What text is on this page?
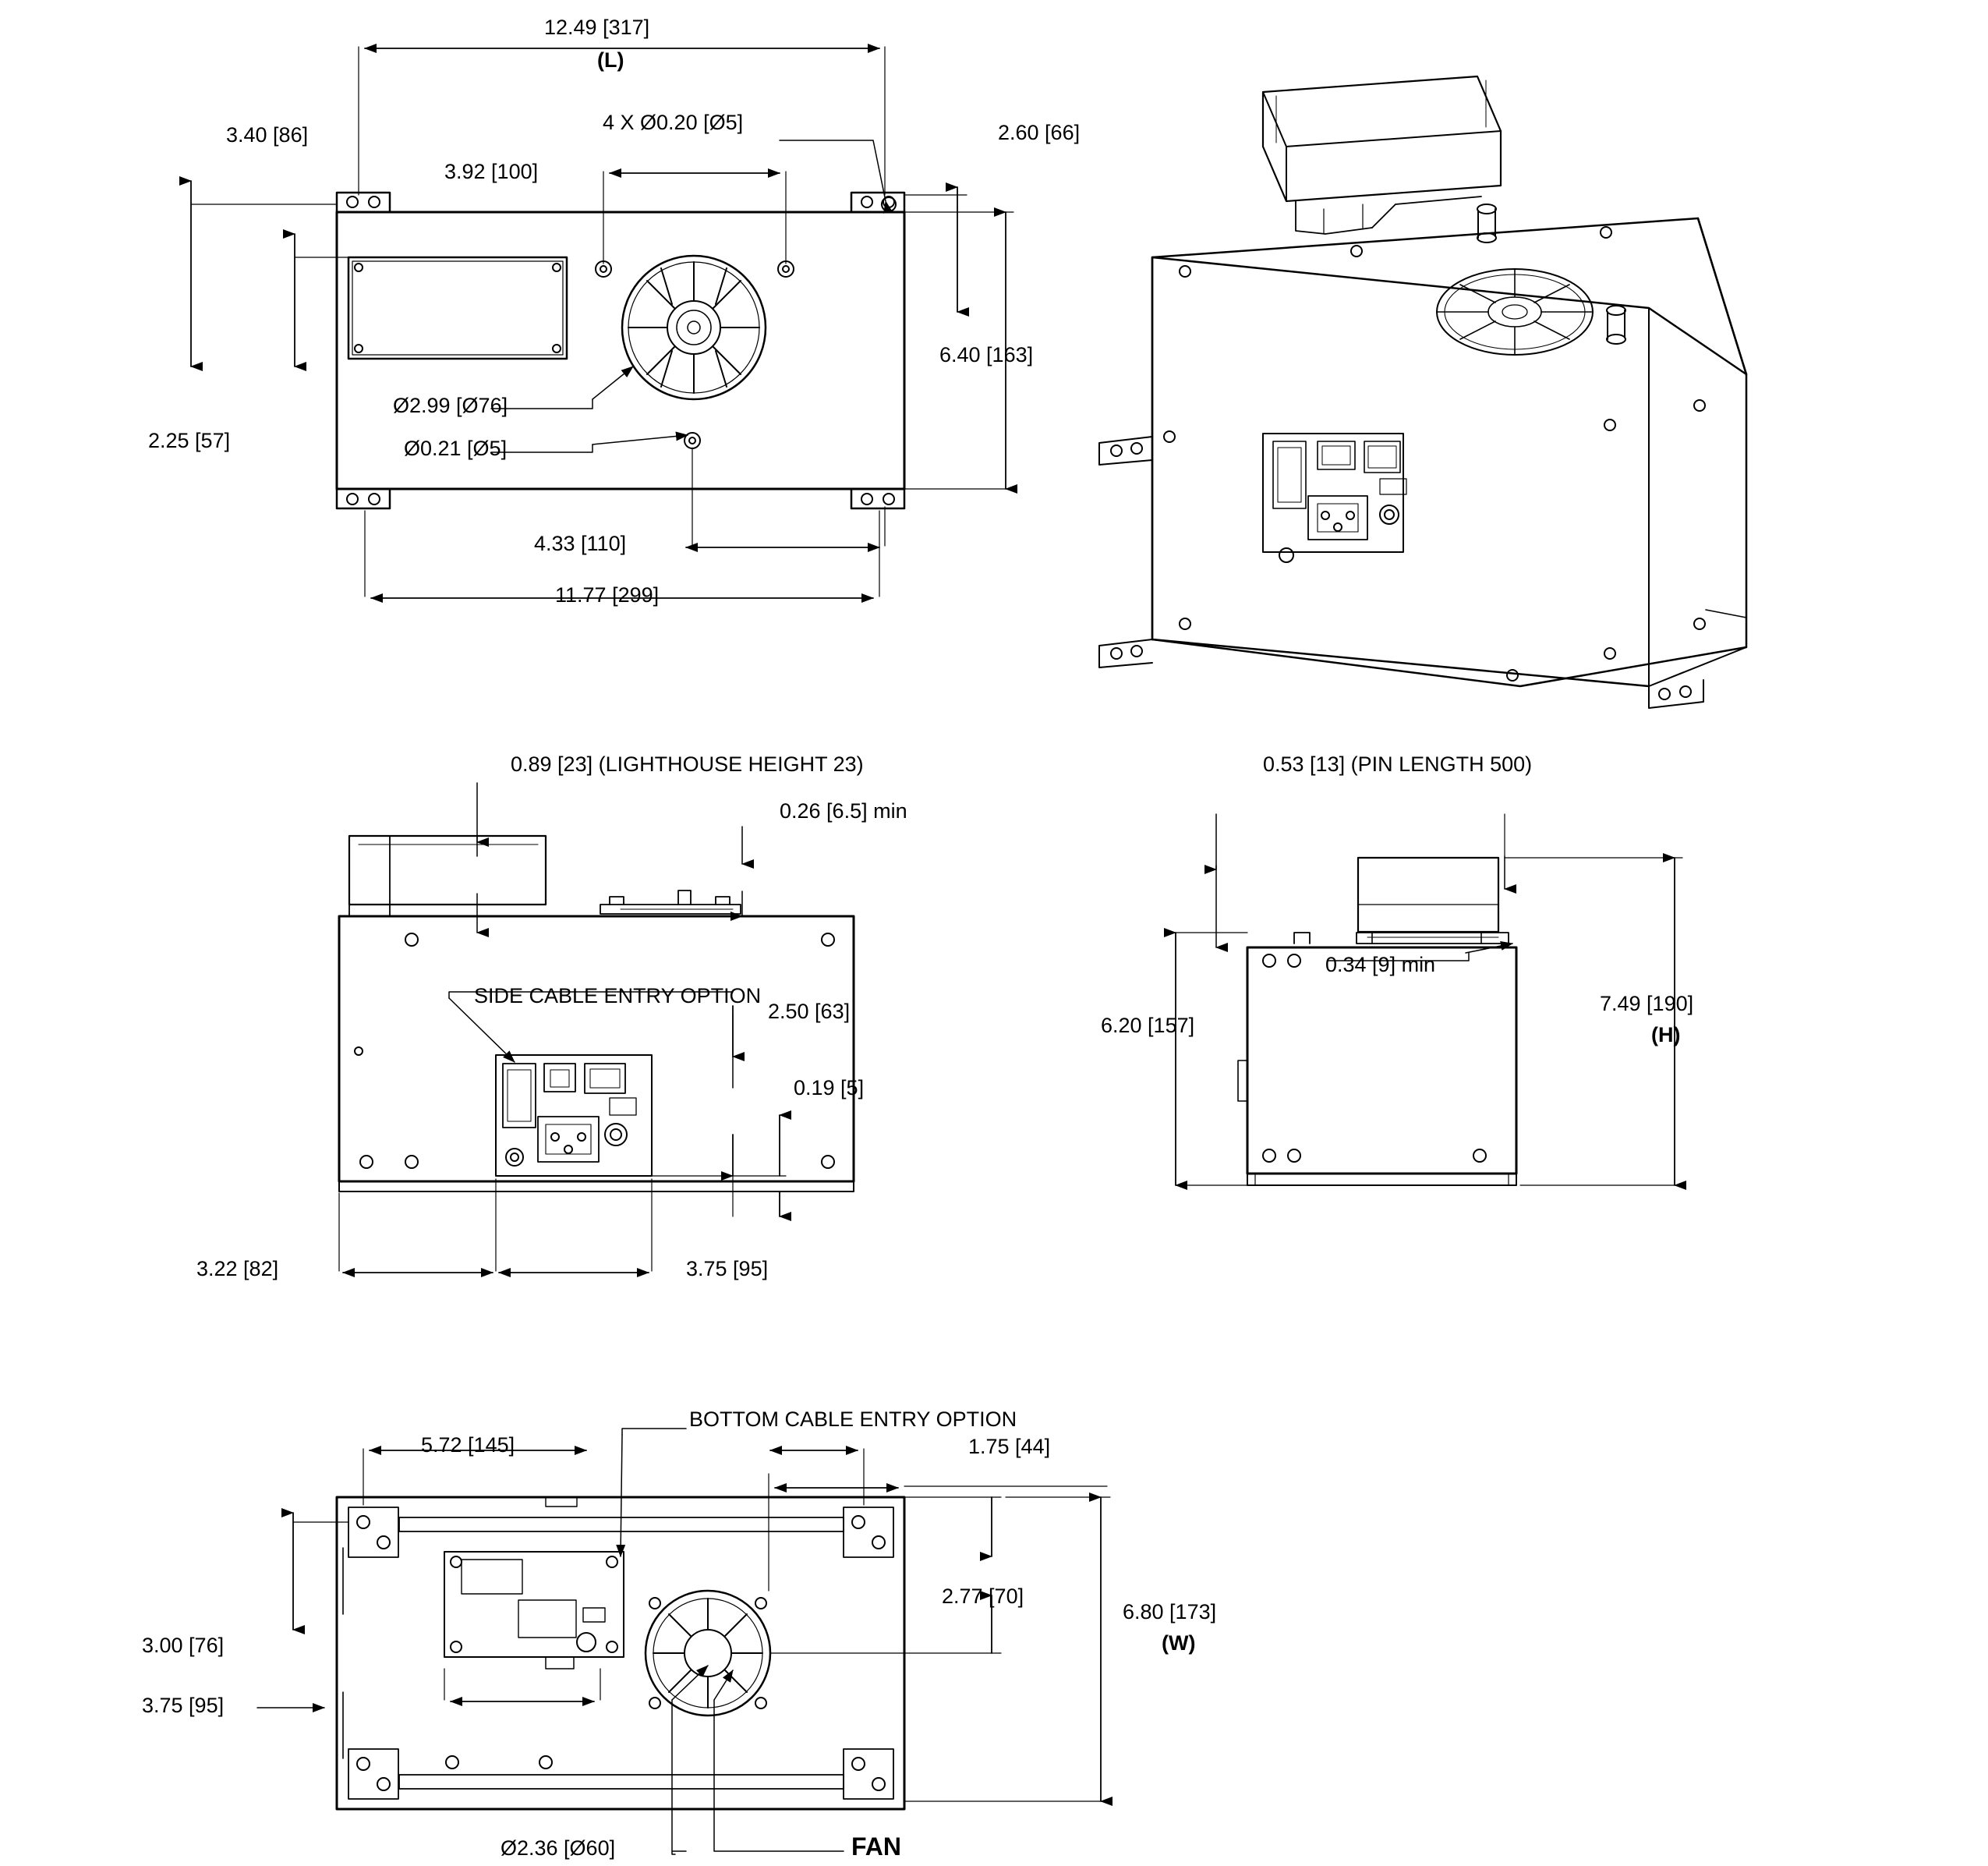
12.49 [317]
(L)
4 X Ø0.20 [Ø5]
3.40 [86]
3.92 [100]
2.60 [66]
6.40 [163]
Ø2.99 [Ø76]
Ø0.21 [Ø5]
2.25 [57]
4.33 [110]
11.77 [299]
0.89 [23] (LIGHTHOUSE HEIGHT 23)
0.26 [6.5] min
SIDE CABLE ENTRY OPTION
2.50 [63]
0.19 [5]
3.22 [82]	3.75 [95]
0.53 [13] (PIN LENGTH 500)
6.20 [157]
0.34 [9] min
7.49 [190]
(H)
5.72 [145]
BOTTOM CABLE ENTRY OPTION
1.75 [44]
2.77 [70]
6.80 [173]
(W)
3.00 [76]
3.75 [95]
Ø2.36 [Ø60]	FAN
